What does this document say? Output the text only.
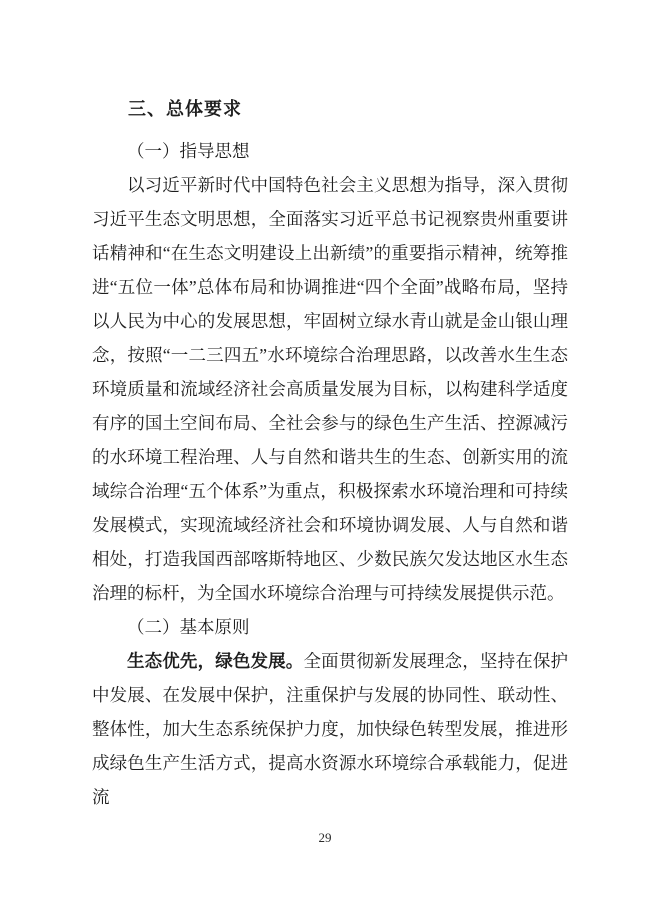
三、总体要求
（一）指导思想

以习近平新时代中国特色社会主义思想为指导，深入贯彻习近平生态文明思想，全面落实习近平总书记视察贵州重要讲话精神和“在生态文明建设上出新绩”的重要指示精神，统筹推进“五位一体”总体布局和协调推进“四个全面”战略布局，坚持以人民为中心的发展思想，牢固树立绿水青山就是金山银山理念，按照“一二三四五”水环境综合治理思路，以改善水生生态环境质量和流域经济社会高质量发展为目标，以构建科学适度有序的国土空间布局、全社会参与的绿色生产生活、控源减污的水环境工程治理、人与自然和谐共生的生态、创新实用的流域综合治理“五个体系”为重点，积极探索水环境治理和可持续发展模式，实现流域经济社会和环境协调发展、人与自然和谐相处，打造我国西部喀斯特地区、少数民族欠发达地区水生态治理的标杆，为全国水环境综合治理与可持续发展提供示范。

（二）基本原则

生态优先，绿色发展。全面贯彻新发展理念，坚持在保护中发展、在发展中保护，注重保护与发展的协同性、联动性、整体性，加大生态系统保护力度，加快绿色转型发展，推进形成绿色生产生活方式，提高水资源水环境综合承载能力，促进流

29
